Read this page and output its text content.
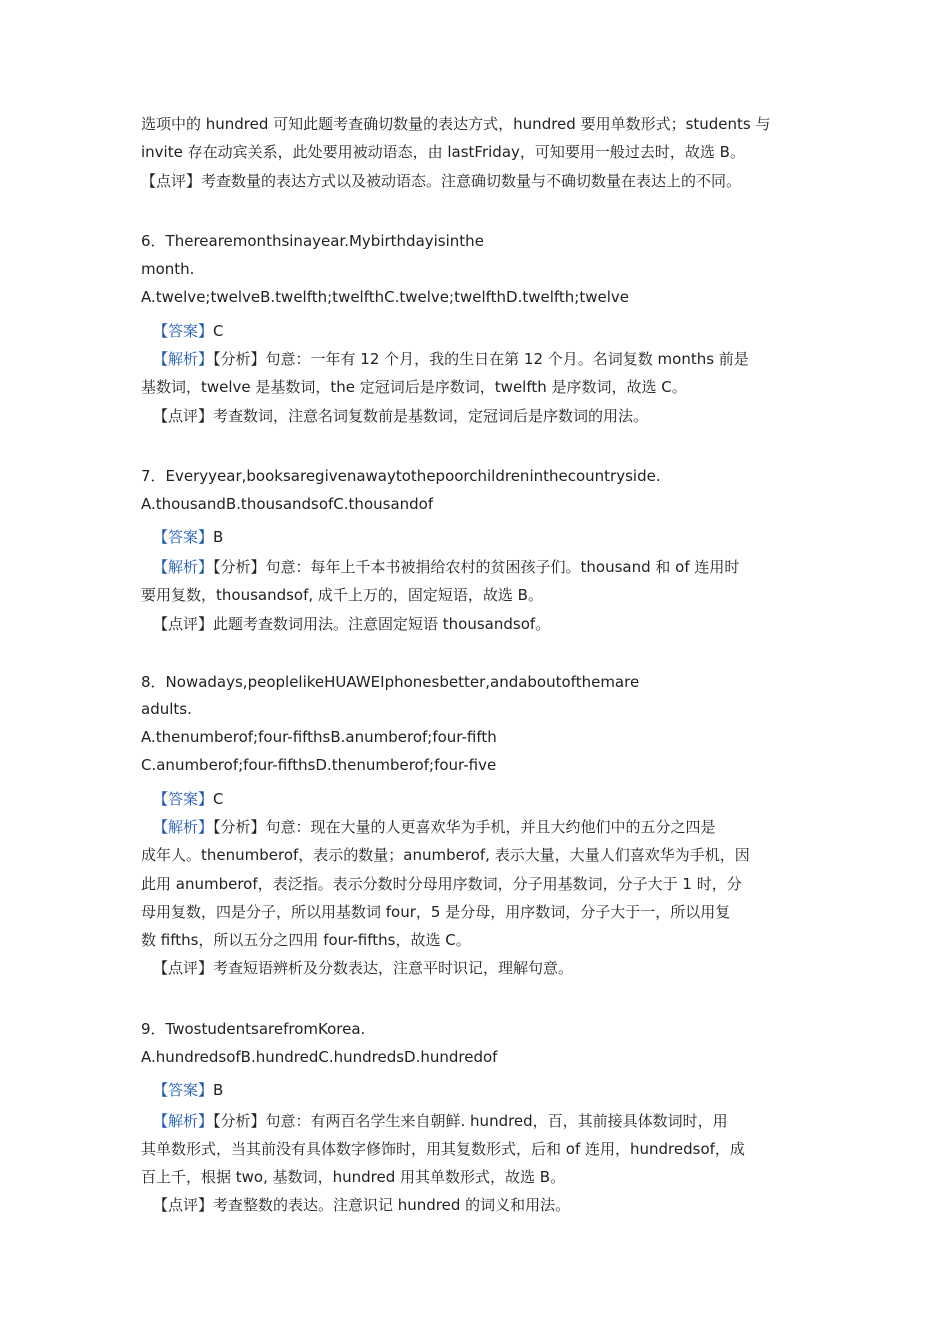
选项中的 hundred 可知此题考查确切数量的表达方式，hundred 要用单数形式；students 与
invite 存在动宾关系，此处要用被动语态，由 lastFriday，可知要用一般过去时，故选 B。
【点评】考查数量的表达方式以及被动语态。注意确切数量与不确切数量在表达上的不同。
6．Therearemonthsinayear.Mybirthdayisinthe
month.
A.twelve;twelveB.twelfth;twelfthC.twelve;twelfthD.twelfth;twelve
【答案】C
【解析】【分析】句意：一年有 12 个月，我的生日在第 12 个月。名词复数 months 前是
基数词，twelve 是基数词，the 定冠词后是序数词，twelfth 是序数词，故选 C。
【点评】考查数词，注意名词复数前是基数词，定冠词后是序数词的用法。
7．Everyyear,booksaregivenawaytothepoorchildreninthecountryside.
A.thousandB.thousandsofC.thousandof
【答案】B
【解析】【分析】句意：每年上千本书被捐给农村的贫困孩子们。thousand 和 of 连用时
要用复数，thousandsof, 成千上万的，固定短语，故选 B。
【点评】此题考查数词用法。注意固定短语 thousandsof。
8．Nowadays,peoplelikeHUAWEIphonesbetter,andaboutofthemare
adults.
A.thenumberof;four-fifthsB.anumberof;four-fifth
C.anumberof;four-fifthsD.thenumberof;four-five
【答案】C
【解析】【分析】句意：现在大量的人更喜欢华为手机，并且大约他们中的五分之四是
成年人。thenumberof，表示的数量；anumberof, 表示大量，大量人们喜欢华为手机，因
此用 anumberof，表泛指。表示分数时分母用序数词，分子用基数词，分子大于 1 时，分
母用复数，四是分子，所以用基数词 four，5 是分母，用序数词，分子大于一，所以用复
数 fifths，所以五分之四用 four-fifths，故选 C。
【点评】考查短语辨析及分数表达，注意平时识记，理解句意。
9．TwostudentsarefromKorea.
A.hundredsofB.hundredC.hundredsD.hundredof
【答案】B
【解析】【分析】句意：有两百名学生来自朝鲜. hundred，百，其前接具体数词时，用
其单数形式，当其前没有具体数字修饰时，用其复数形式，后和 of 连用，hundredsof，成
百上千，根据 two, 基数词，hundred 用其单数形式，故选 B。
【点评】考查整数的表达。注意识记 hundred 的词义和用法。
